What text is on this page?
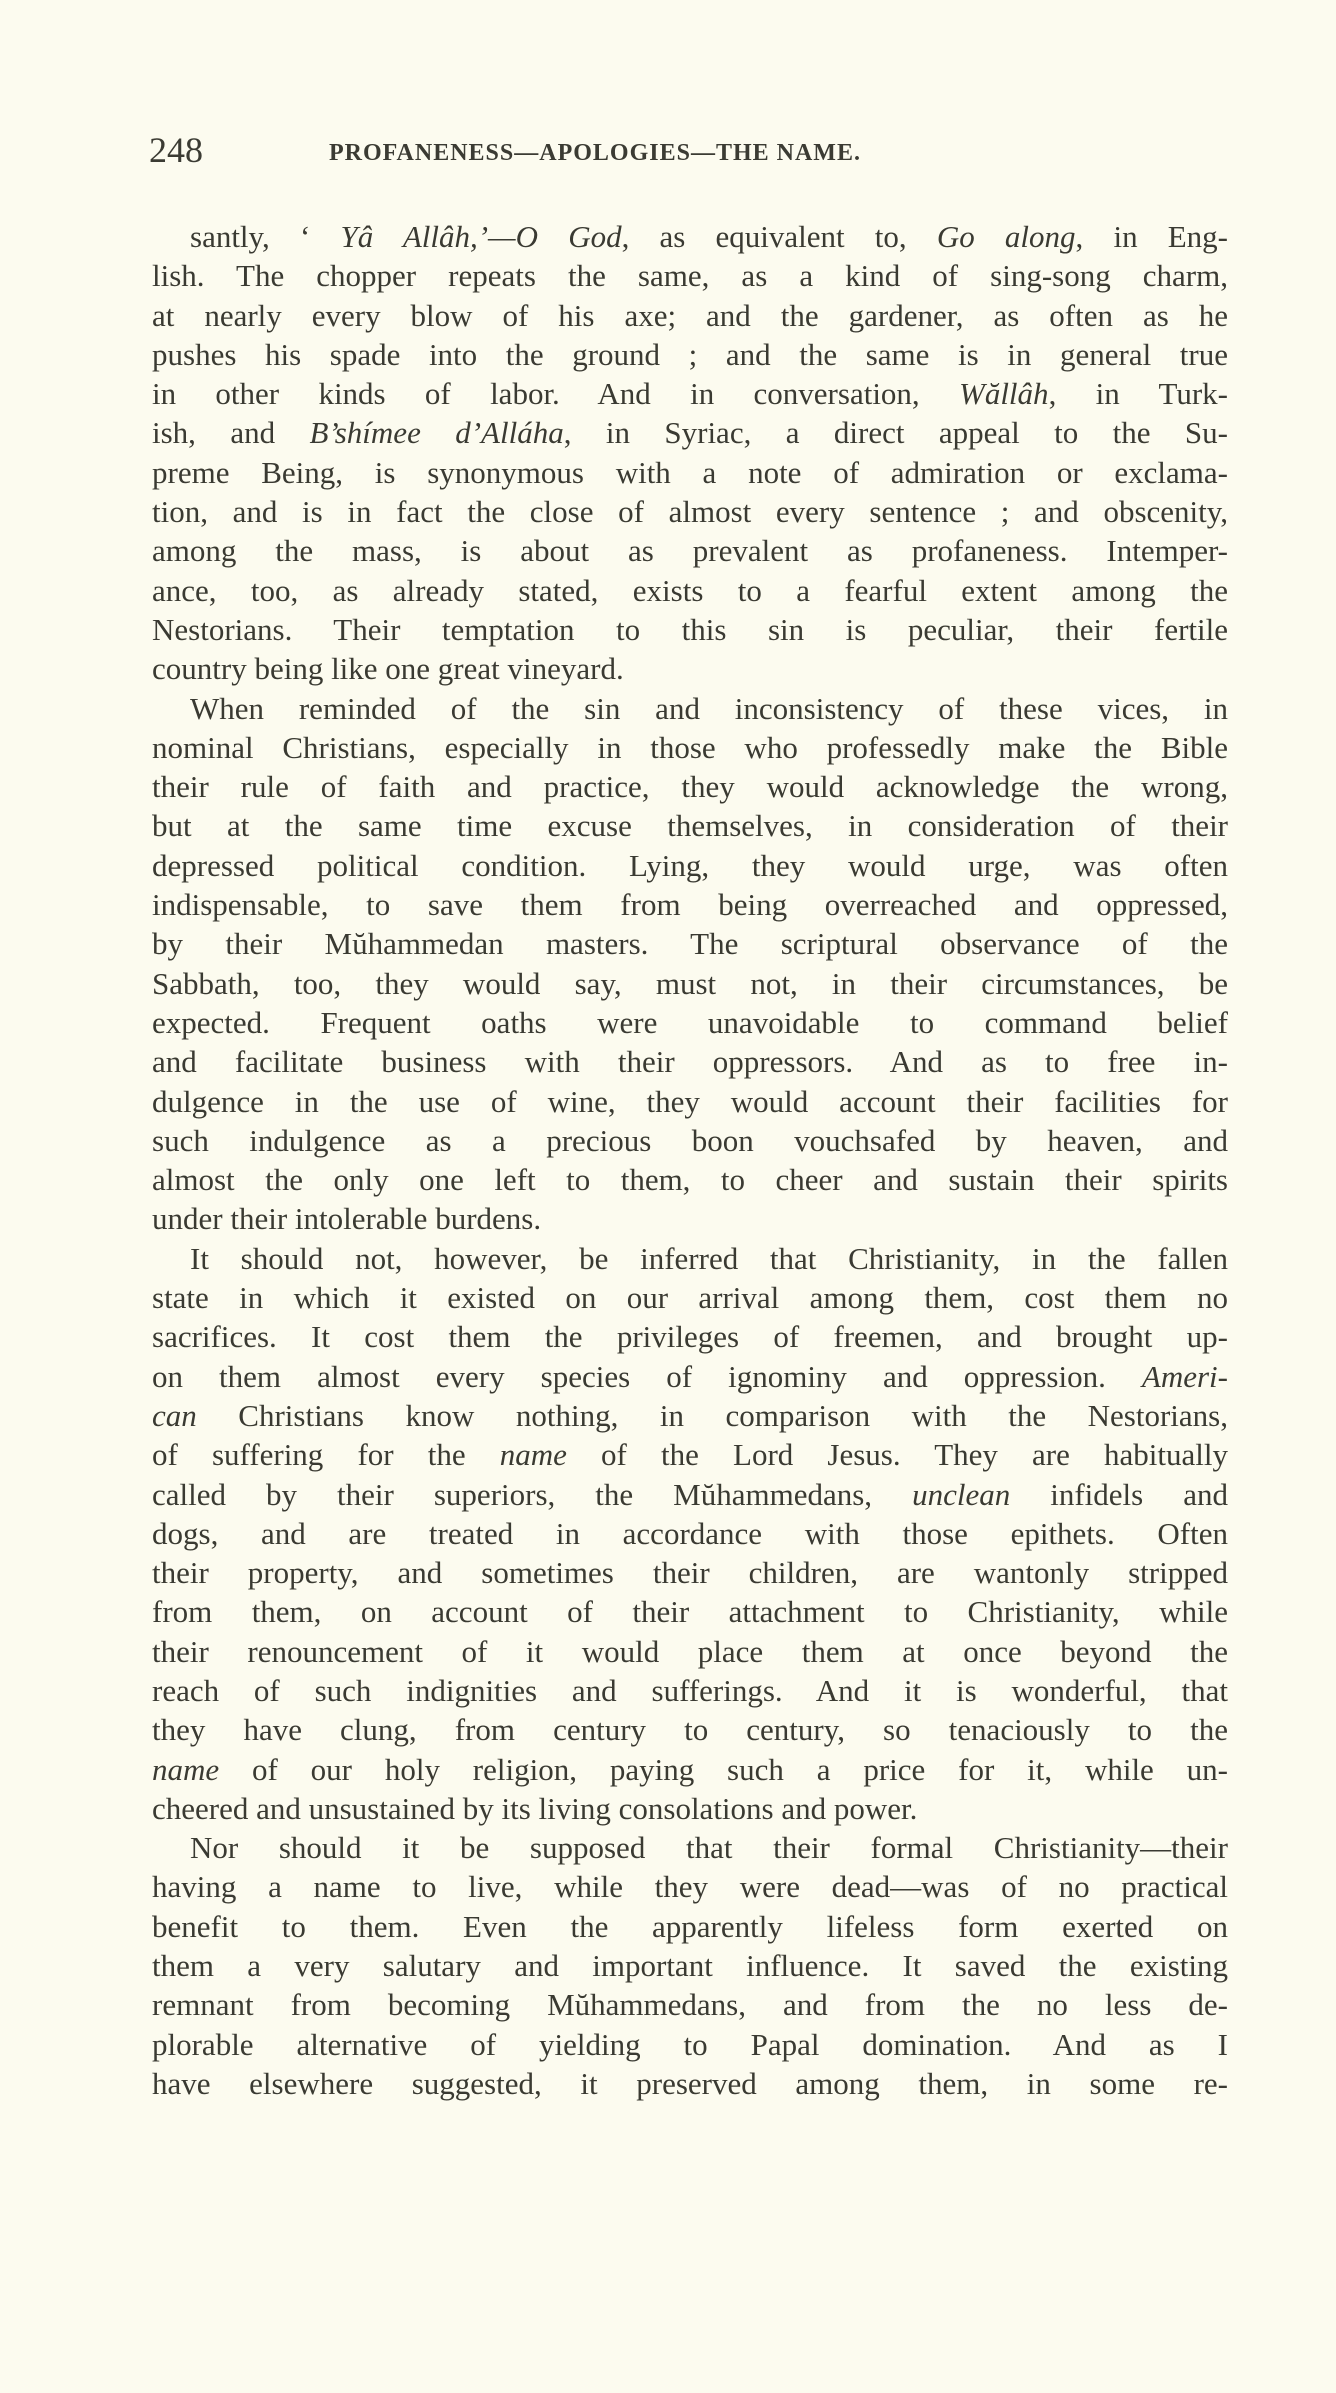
248	PROFANENESS—APOLOGIES—THE NAME.
santly, ‘ Yâ Allâh,’—O God, as equivalent to, Go along, in Eng-
lish. The chopper repeats the same, as a kind of sing-song charm,
at nearly every blow of his axe; and the gardener, as often as he
pushes his spade into the ground ; and the same is in general true
in other kinds of labor. And in conversation, Wăllâh, in Turk-
ish, and B’shímee d’Alláha, in Syriac, a direct appeal to the Su-
preme Being, is synonymous with a note of admiration or exclama-
tion, and is in fact the close of almost every sentence ; and obscenity,
among the mass, is about as prevalent as profaneness. Intemper-
ance, too, as already stated, exists to a fearful extent among the
Nestorians. Their temptation to this sin is peculiar, their fertile
country being like one great vineyard.
When reminded of the sin and inconsistency of these vices, in
nominal Christians, especially in those who professedly make the Bible
their rule of faith and practice, they would acknowledge the wrong,
but at the same time excuse themselves, in consideration of their
depressed political condition. Lying, they would urge, was often
indispensable, to save them from being overreached and oppressed,
by their Mŭhammedan masters. The scriptural observance of the
Sabbath, too, they would say, must not, in their circumstances, be
expected. Frequent oaths were unavoidable to command belief
and facilitate business with their oppressors. And as to free in-
dulgence in the use of wine, they would account their facilities for
such indulgence as a precious boon vouchsafed by heaven, and
almost the only one left to them, to cheer and sustain their spirits
under their intolerable burdens.
It should not, however, be inferred that Christianity, in the fallen
state in which it existed on our arrival among them, cost them no
sacrifices. It cost them the privileges of freemen, and brought up-
on them almost every species of ignominy and oppression. Ameri-
can Christians know nothing, in comparison with the Nestorians,
of suffering for the name of the Lord Jesus. They are habitually
called by their superiors, the Mŭhammedans, unclean infidels and
dogs, and are treated in accordance with those epithets. Often
their property, and sometimes their children, are wantonly stripped
from them, on account of their attachment to Christianity, while
their renouncement of it would place them at once beyond the
reach of such indignities and sufferings. And it is wonderful, that
they have clung, from century to century, so tenaciously to the
name of our holy religion, paying such a price for it, while un-
cheered and unsustained by its living consolations and power.
Nor should it be supposed that their formal Christianity—their
having a name to live, while they were dead—was of no practical
benefit to them. Even the apparently lifeless form exerted on
them a very salutary and important influence. It saved the existing
remnant from becoming Mŭhammedans, and from the no less de-
plorable alternative of yielding to Papal domination. And as I
have elsewhere suggested, it preserved among them, in some re-
